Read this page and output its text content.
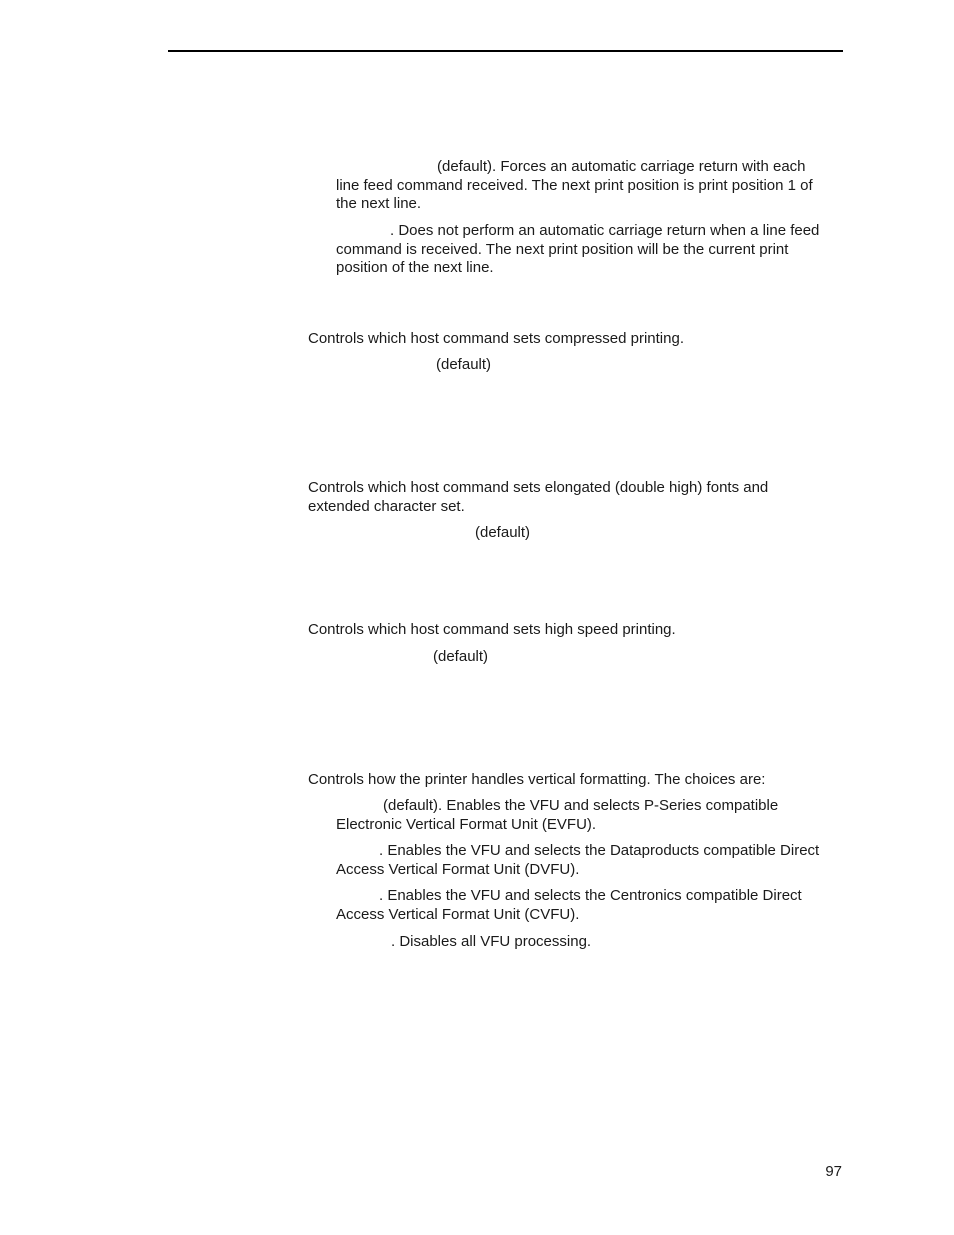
(default). Forces an automatic carriage return with each

line feed command received. The next print position is print position 1 of

the next line.

. Does not perform an automatic carriage return when a line feed

command is received. The next print position will be the current print

position of the next line.

Controls which host command sets compressed printing.

(default)

Controls which host command sets elongated (double high) fonts and

extended character set.

(default)

Controls which host command sets high speed printing.

(default)

Controls how the printer handles vertical formatting. The choices are:

(default). Enables the VFU and selects P-Series compatible

Electronic Vertical Format Unit (EVFU).

. Enables the VFU and selects the Dataproducts compatible Direct

Access Vertical Format Unit (DVFU).

. Enables the VFU and selects the Centronics compatible Direct

Access Vertical Format Unit (CVFU).

. Disables all VFU processing.

97
